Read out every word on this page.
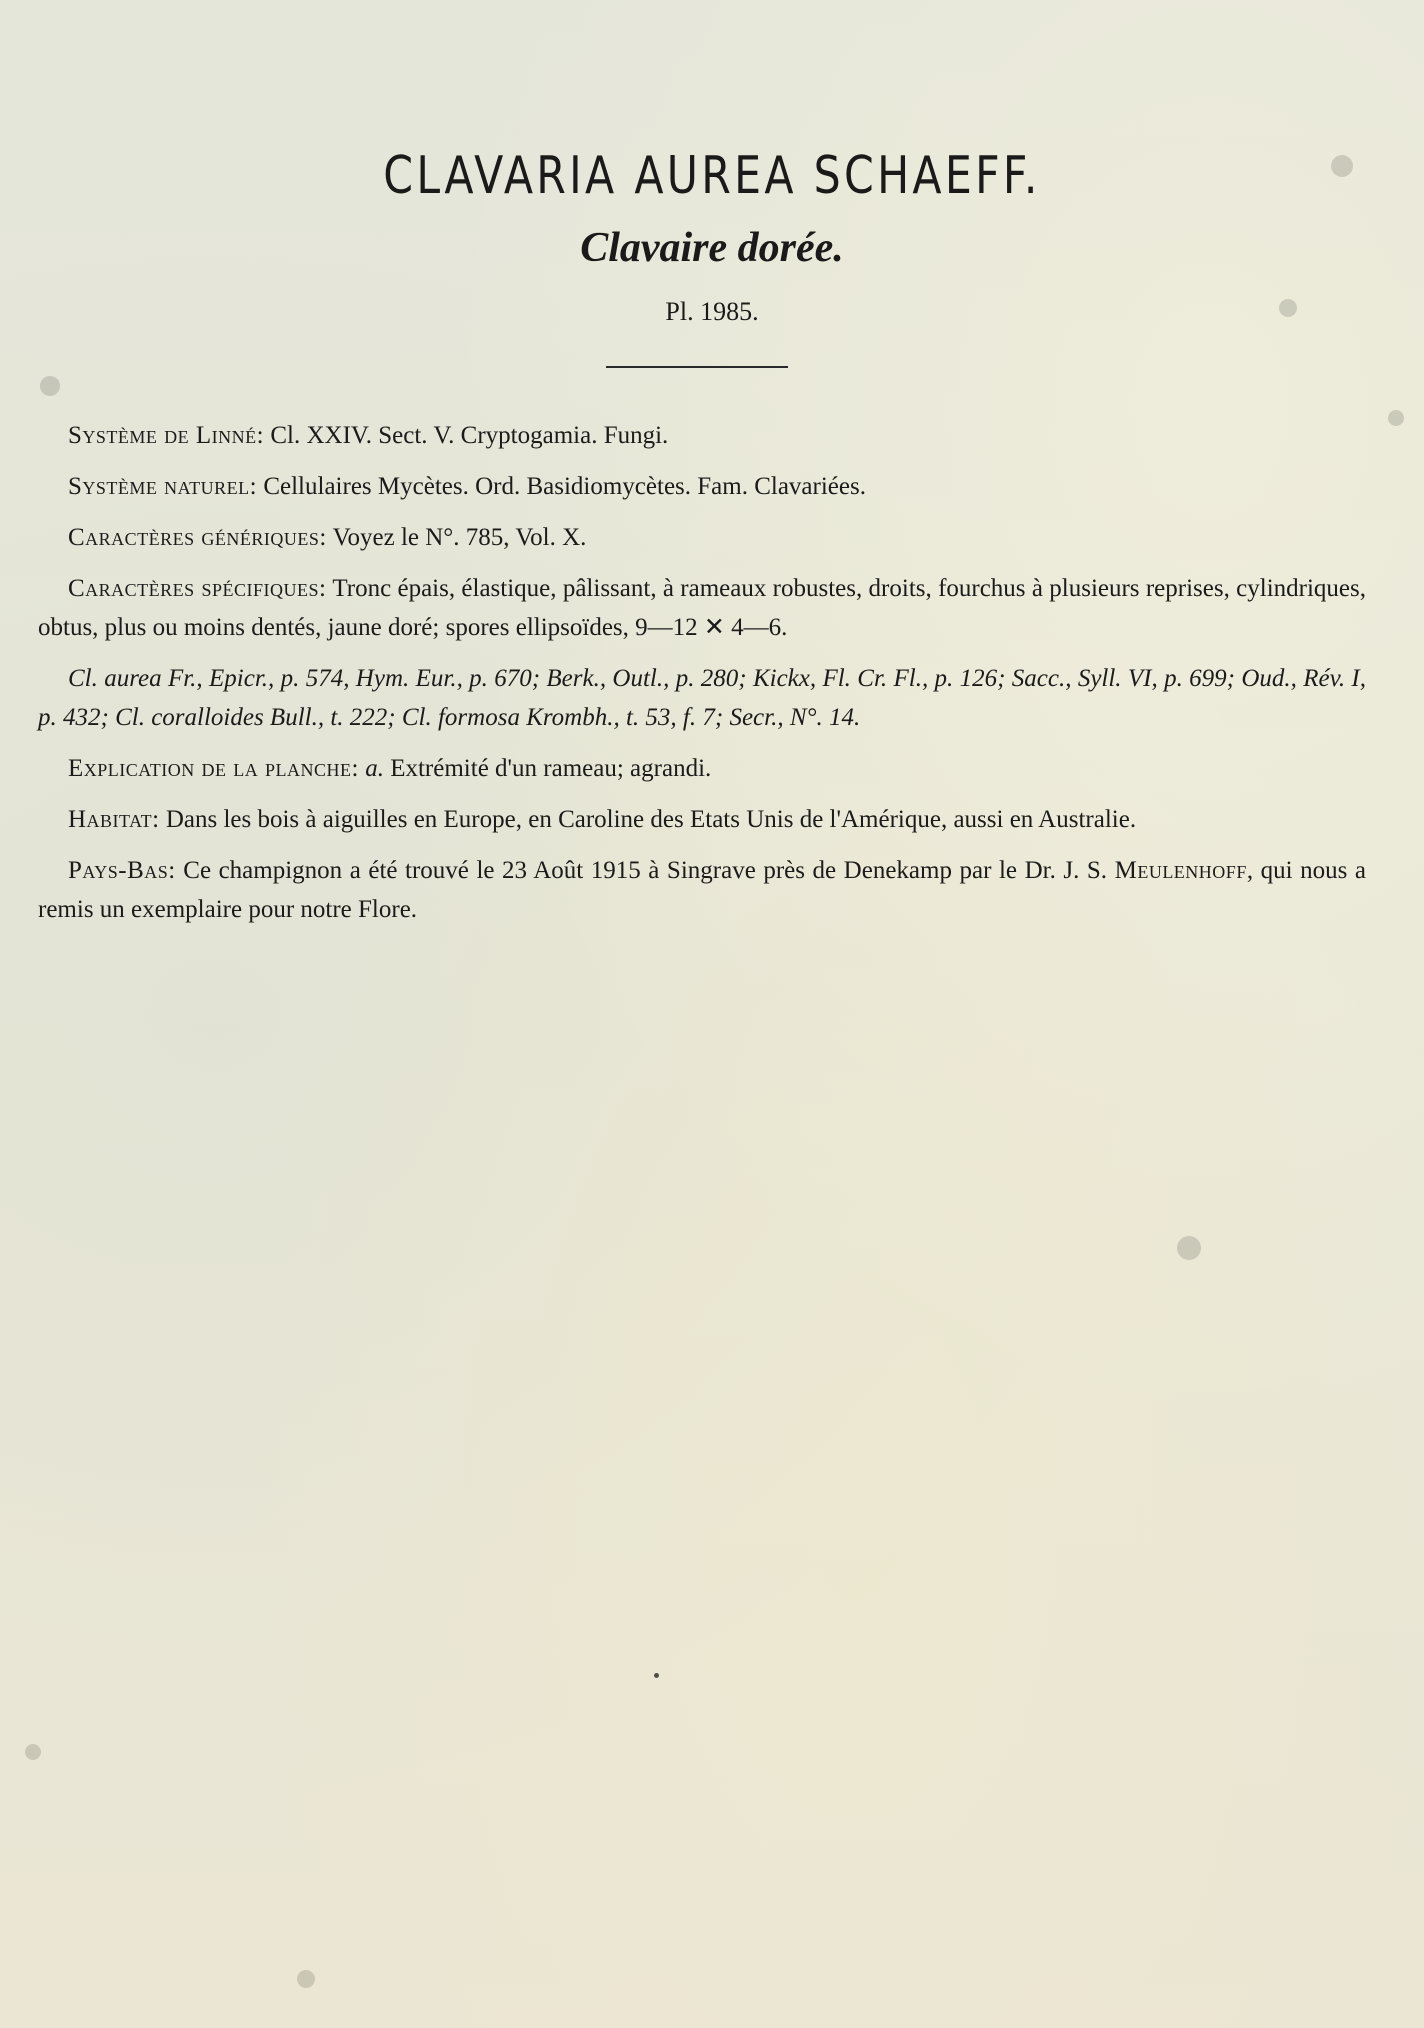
CLAVARIA AUREA SCHAEFF.
Clavaire dorée.
Pl. 1985.

Système de Linné: Cl. XXIV. Sect. V. Cryptogamia. Fungi.

Système naturel: Cellulaires Mycètes. Ord. Basidiomycètes. Fam. Clavariées.

Caractères génériques: Voyez le N°. 785, Vol. X.

Caractères spécifiques: Tronc épais, élastique, pâlissant, à rameaux robustes, droits, fourchus à plusieurs reprises, cylindriques, obtus, plus ou moins dentés, jaune doré; spores ellipsoïdes, 9—12 ✕ 4—6.

Cl. aurea Fr., Epicr., p. 574, Hym. Eur., p. 670; Berk., Outl., p. 280; Kickx, Fl. Cr. Fl., p. 126; Sacc., Syll. VI, p. 699; Oud., Rév. I, p. 432; Cl. coralloides Bull., t. 222; Cl. formosa Krombh., t. 53, f. 7; Secr., N°. 14.

Explication de la planche: a. Extrémité d'un rameau; agrandi.

Habitat: Dans les bois à aiguilles en Europe, en Caroline des Etats Unis de l'Amérique, aussi en Australie.

Pays-Bas: Ce champignon a été trouvé le 23 Août 1915 à Singrave près de Denekamp par le Dr. J. S. Meulenhoff, qui nous a remis un exemplaire pour notre Flore.
